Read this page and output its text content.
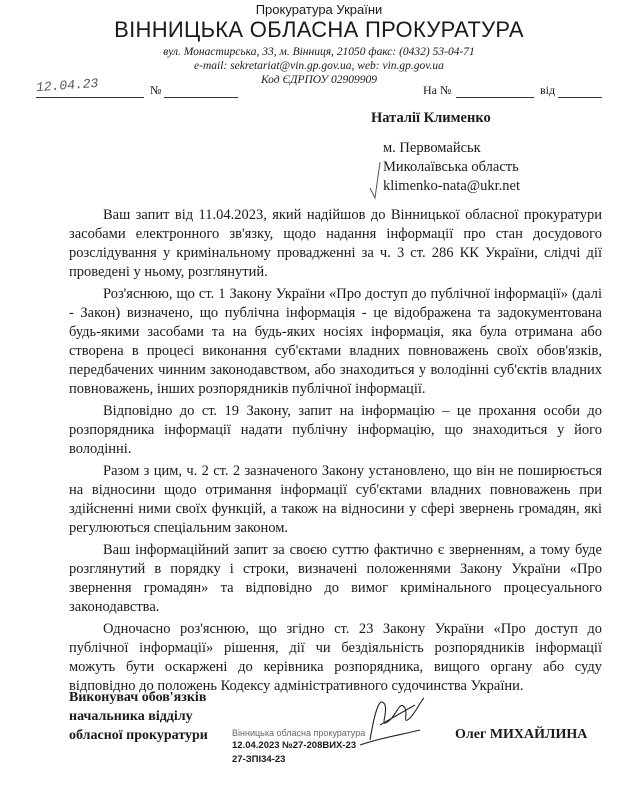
Прокуратура України
ВІННИЦЬКА ОБЛАСНА ПРОКУРАТУРА
вул. Монастирська, 33, м. Вінниця, 21050 факс: (0432) 53-04-71
e-mail: sekretariat@vin.gp.gov.ua, web: vin.gp.gov.ua
Код ЄДРПОУ 02909909
12.04.23	№	На №	від
Наталії Клименко
м. Первомайськ
Миколаївська область
klimenko-nata@ukr.net

Ваш запит від 11.04.2023, який надійшов до Вінницької обласної прокуратури засобами електронного зв'язку, щодо надання інформації про стан досудового розслідування у кримінальному провадженні за ч. 3 ст. 286 КК України, слідчі дії проведені у ньому, розглянутий.

Роз'яснюю, що ст. 1 Закону України «Про доступ до публічної інформації» (далі - Закон) визначено, що публічна інформація - це відображена та задокументована будь-якими засобами та на будь-яких носіях інформація, яка була отримана або створена в процесі виконання суб'єктами владних повноважень своїх обов'язків, передбачених чинним законодавством, або знаходиться у володінні суб'єктів владних повноважень, інших розпорядників публічної інформації.

Відповідно до ст. 19 Закону, запит на інформацію – це прохання особи до розпорядника інформації надати публічну інформацію, що знаходиться у його володінні.

Разом з цим, ч. 2 ст. 2 зазначеного Закону установлено, що він не поширюється на відносини щодо отримання інформації суб'єктами владних повноважень при здійсненні ними своїх функцій, а також на відносини у сфері звернень громадян, які регулюються спеціальним законом.

Ваш інформаційний запит за своєю суттю фактично є зверненням, а тому буде розглянутий в порядку і строки, визначені положеннями Закону України «Про звернення громадян» та відповідно до вимог кримінального процесуального законодавства.

Одночасно роз'яснюю, що згідно ст. 23 Закону України «Про доступ до публічної інформації» рішення, дії чи бездіяльність розпорядників інформації можуть бути оскаржені до керівника розпорядника, вищого органу або суду відповідно до положень Кодексу адміністративного судочинства України.

Виконувач обов'язків
начальника відділу
обласної прокуратури	Вінницька обласна прокуратура
12.04.2023 №27-208ВИХ-23
27-ЗПІ34-23
Олег МИХАЙЛИНА
